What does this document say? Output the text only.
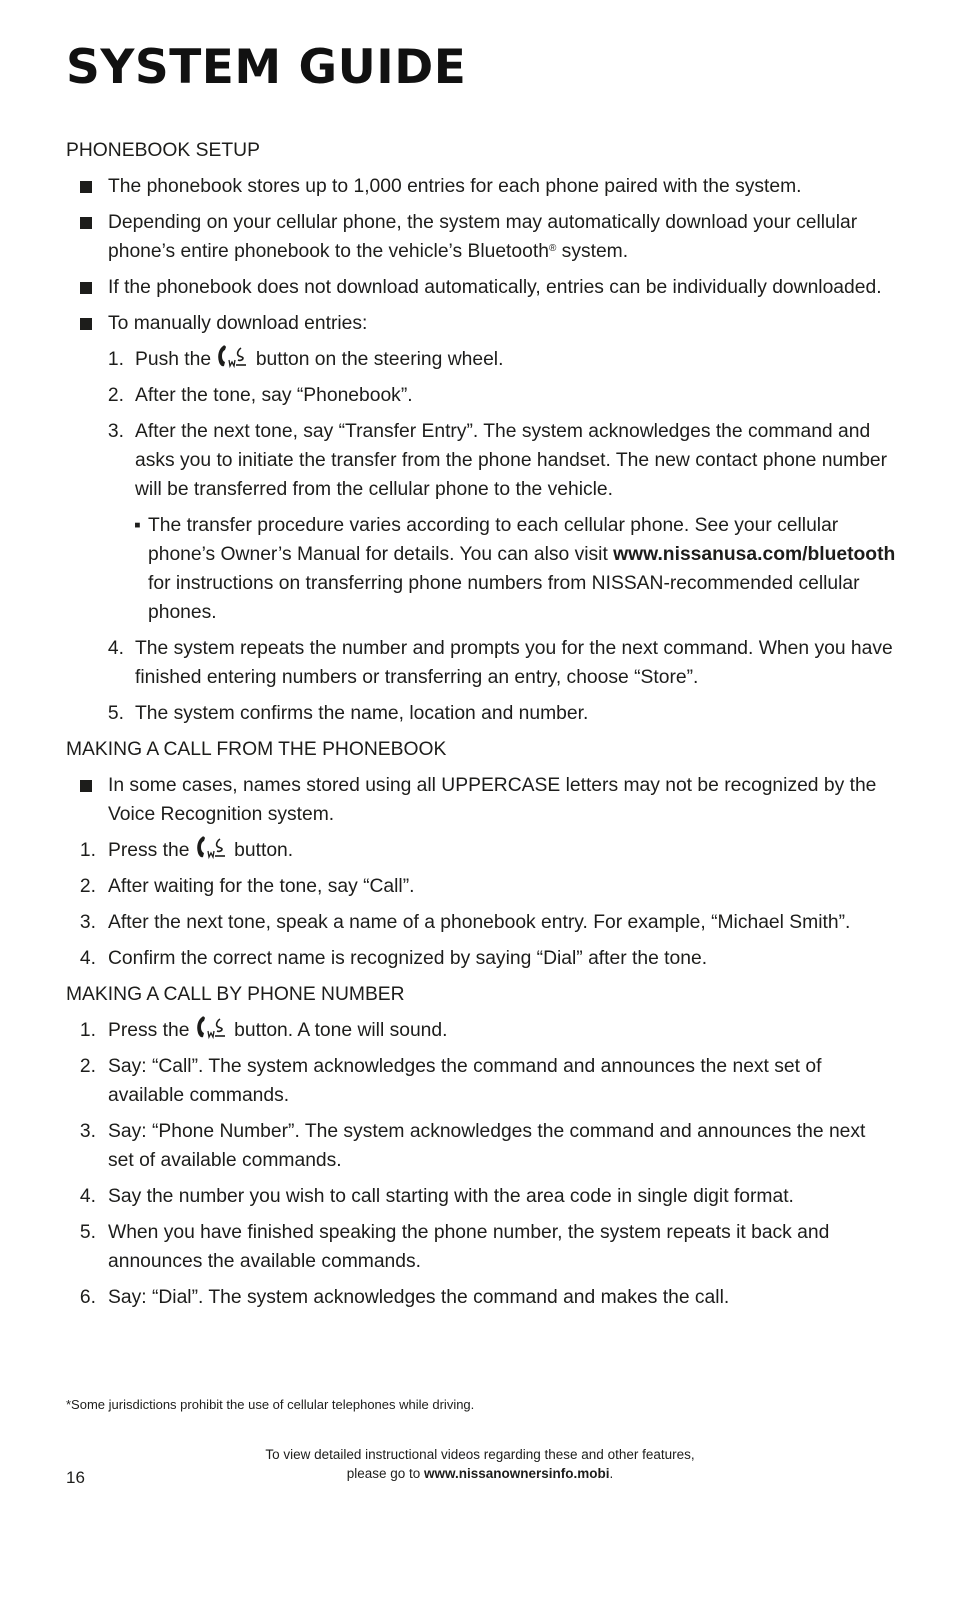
SYSTEM GUIDE

PHONEBOOK SETUP

The phonebook stores up to 1,000 entries for each phone paired with the system.
Depending on your cellular phone, the system may automatically download your cellular phone’s entire phonebook to the vehicle’s Bluetooth® system.
If the phonebook does not download automatically, entries can be individually downloaded.
To manually download entries:
1. Push the  button on the steering wheel.
2. After the tone, say “Phonebook”.
3. After the next tone, say “Transfer Entry”. The system acknowledges the command and asks you to initiate the transfer from the phone handset. The new contact phone number will be transferred from the cellular phone to the vehicle.
▪ The transfer procedure varies according to each cellular phone. See your cellular phone’s Owner’s Manual for details. You can also visit www.nissanusa.com/bluetooth for instructions on transferring phone numbers from NISSAN-recommended cellular phones.
4. The system repeats the number and prompts you for the next command. When you have finished entering numbers or transferring an entry, choose “Store”.
5. The system confirms the name, location and number.

MAKING A CALL FROM THE PHONEBOOK

In some cases, names stored using all UPPERCASE letters may not be recognized by the Voice Recognition system.
1. Press the  button.
2. After waiting for the tone, say “Call”.
3. After the next tone, speak a name of a phonebook entry. For example, “Michael Smith”.
4. Confirm the correct name is recognized by saying “Dial” after the tone.

MAKING A CALL BY PHONE NUMBER

1. Press the  button. A tone will sound.
2. Say: “Call”. The system acknowledges the command and announces the next set of available commands.
3. Say: “Phone Number”. The system acknowledges the command and announces the next set of available commands.
4. Say the number you wish to call starting with the area code in single digit format.
5. When you have finished speaking the phone number, the system repeats it back and announces the available commands.
6. Say: “Dial”. The system acknowledges the command and makes the call.
*Some jurisdictions prohibit the use of cellular telephones while driving.
16
To view detailed instructional videos regarding these and other features,
please go to www.nissanownersinfo.mobi.
